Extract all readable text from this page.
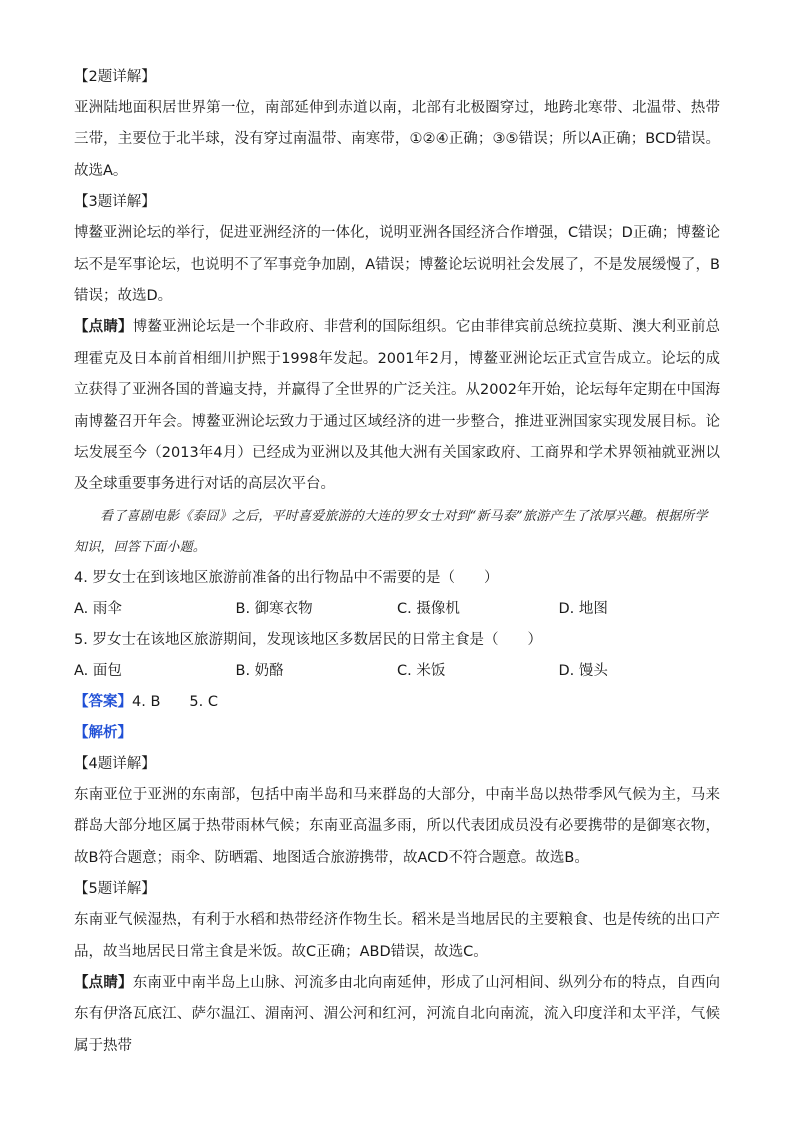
【2题详解】
亚洲陆地面积居世界第一位，南部延伸到赤道以南，北部有北极圈穿过，地跨北寒带、北温带、热带三带，主要位于北半球，没有穿过南温带、南寒带，①②④正确；③⑤错误；所以A正确；BCD错误。故选A。
【3题详解】
博鳌亚洲论坛的举行，促进亚洲经济的一体化，说明亚洲各国经济合作增强，C错误；D正确；博鳌论坛不是军事论坛，也说明不了军事竞争加剧，A错误；博鳌论坛说明社会发展了，不是发展缓慢了，B错误；故选D。
【点睛】博鳌亚洲论坛是一个非政府、非营利的国际组织。它由菲律宾前总统拉莫斯、澳大利亚前总理霍克及日本前首相细川护熙于1998年发起。2001年2月，博鳌亚洲论坛正式宣告成立。论坛的成立获得了亚洲各国的普遍支持，并赢得了全世界的广泛关注。从2002年开始，论坛每年定期在中国海南博鳌召开年会。博鳌亚洲论坛致力于通过区域经济的进一步整合，推进亚洲国家实现发展目标。论坛发展至今（2013年4月）已经成为亚洲以及其他大洲有关国家政府、工商界和学术界领袖就亚洲以及全球重要事务进行对话的高层次平台。
看了喜剧电影《泰囧》之后，平时喜爱旅游的大连的罗女士对到“新马泰”旅游产生了浓厚兴趣。根据所学知识，回答下面小题。
4. 罗女士在到该地区旅游前准备的出行物品中不需要的是（　　）
A. 雨伞	B. 御寒衣物	C. 摄像机	D. 地图
5. 罗女士在该地区旅游期间，发现该地区多数居民的日常主食是（　　）
A. 面包	B. 奶酪	C. 米饭	D. 馒头
【答案】4. B　　5. C
【解析】
【4题详解】
东南亚位于亚洲的东南部，包括中南半岛和马来群岛的大部分，中南半岛以热带季风气候为主，马来群岛大部分地区属于热带雨林气候；东南亚高温多雨，所以代表团成员没有必要携带的是御寒衣物，故B符合题意；雨伞、防晒霜、地图适合旅游携带，故ACD不符合题意。故选B。
【5题详解】
东南亚气候湿热，有利于水稻和热带经济作物生长。稻米是当地居民的主要粮食、也是传统的出口产品，故当地居民日常主食是米饭。故C正确；ABD错误，故选C。
【点睛】东南亚中南半岛上山脉、河流多由北向南延伸，形成了山河相间、纵列分布的特点，自西向东有伊洛瓦底江、萨尔温江、湄南河、湄公河和红河，河流自北向南流，流入印度洋和太平洋，气候属于热带
